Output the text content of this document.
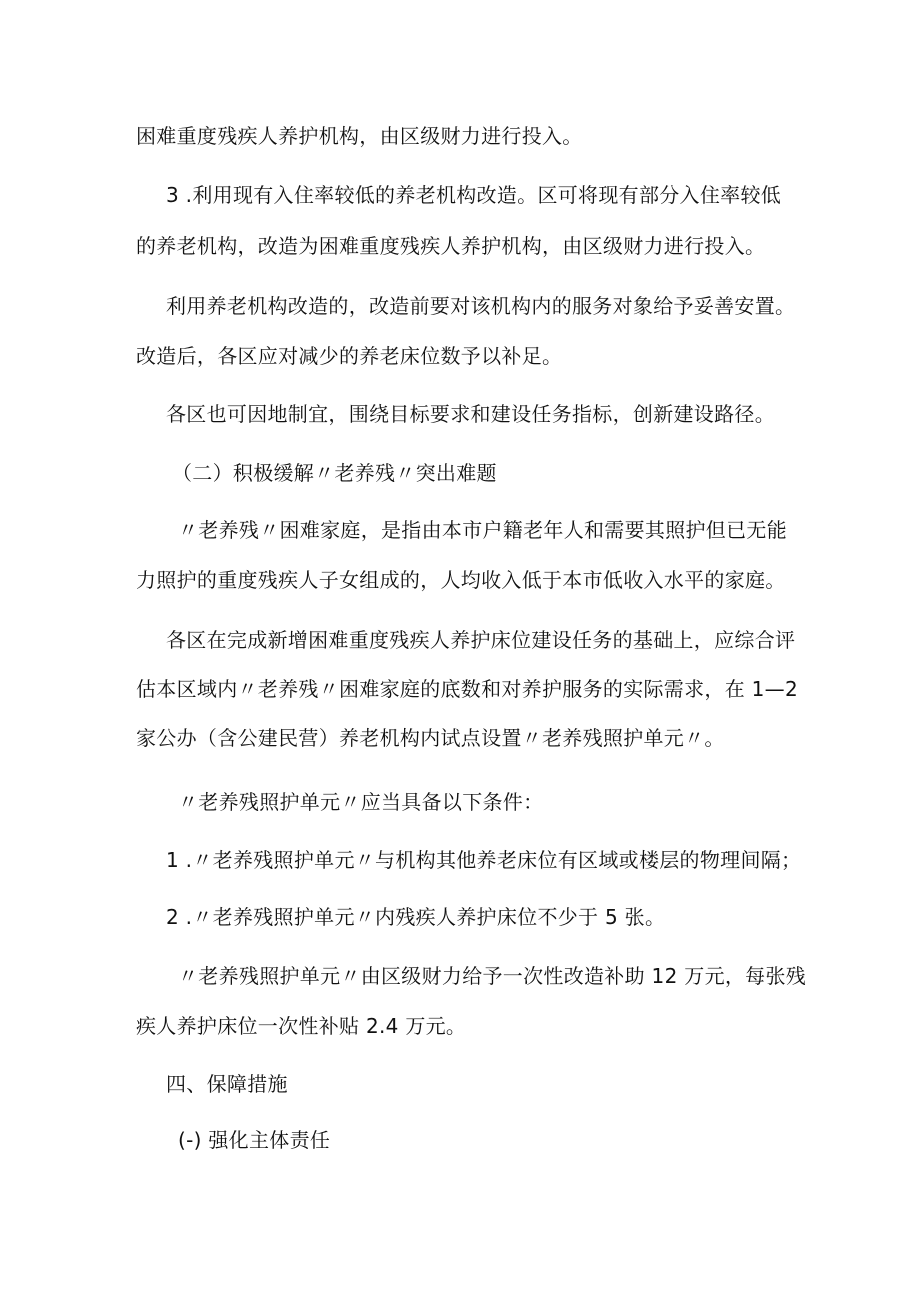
困难重度残疾人养护机构，由区级财力进行投入。
3 .利用现有入住率较低的养老机构改造。区可将现有部分入住率较低
的养老机构，改造为困难重度残疾人养护机构，由区级财力进行投入。
利用养老机构改造的，改造前要对该机构内的服务对象给予妥善安置。
改造后，各区应对减少的养老床位数予以补足。
各区也可因地制宜，围绕目标要求和建设任务指标，创新建设路径。
（二）积极缓解〃老养残〃突出难题
〃老养残〃困难家庭，是指由本市户籍老年人和需要其照护但已无能
力照护的重度残疾人子女组成的，人均收入低于本市低收入水平的家庭。
各区在完成新增困难重度残疾人养护床位建设任务的基础上，应综合评
估本区域内〃老养残〃困难家庭的底数和对养护服务的实际需求，在 1—2
家公办（含公建民营）养老机构内试点设置〃老养残照护单元〃。
〃老养残照护单元〃应当具备以下条件：
1 .〃老养残照护单元〃与机构其他养老床位有区域或楼层的物理间隔；
2 .〃老养残照护单元〃内残疾人养护床位不少于 5 张。
〃老养残照护单元〃由区级财力给予一次性改造补助 12 万元，每张残
疾人养护床位一次性补贴 2.4 万元。
四、保障措施
(-) 强化主体责任
